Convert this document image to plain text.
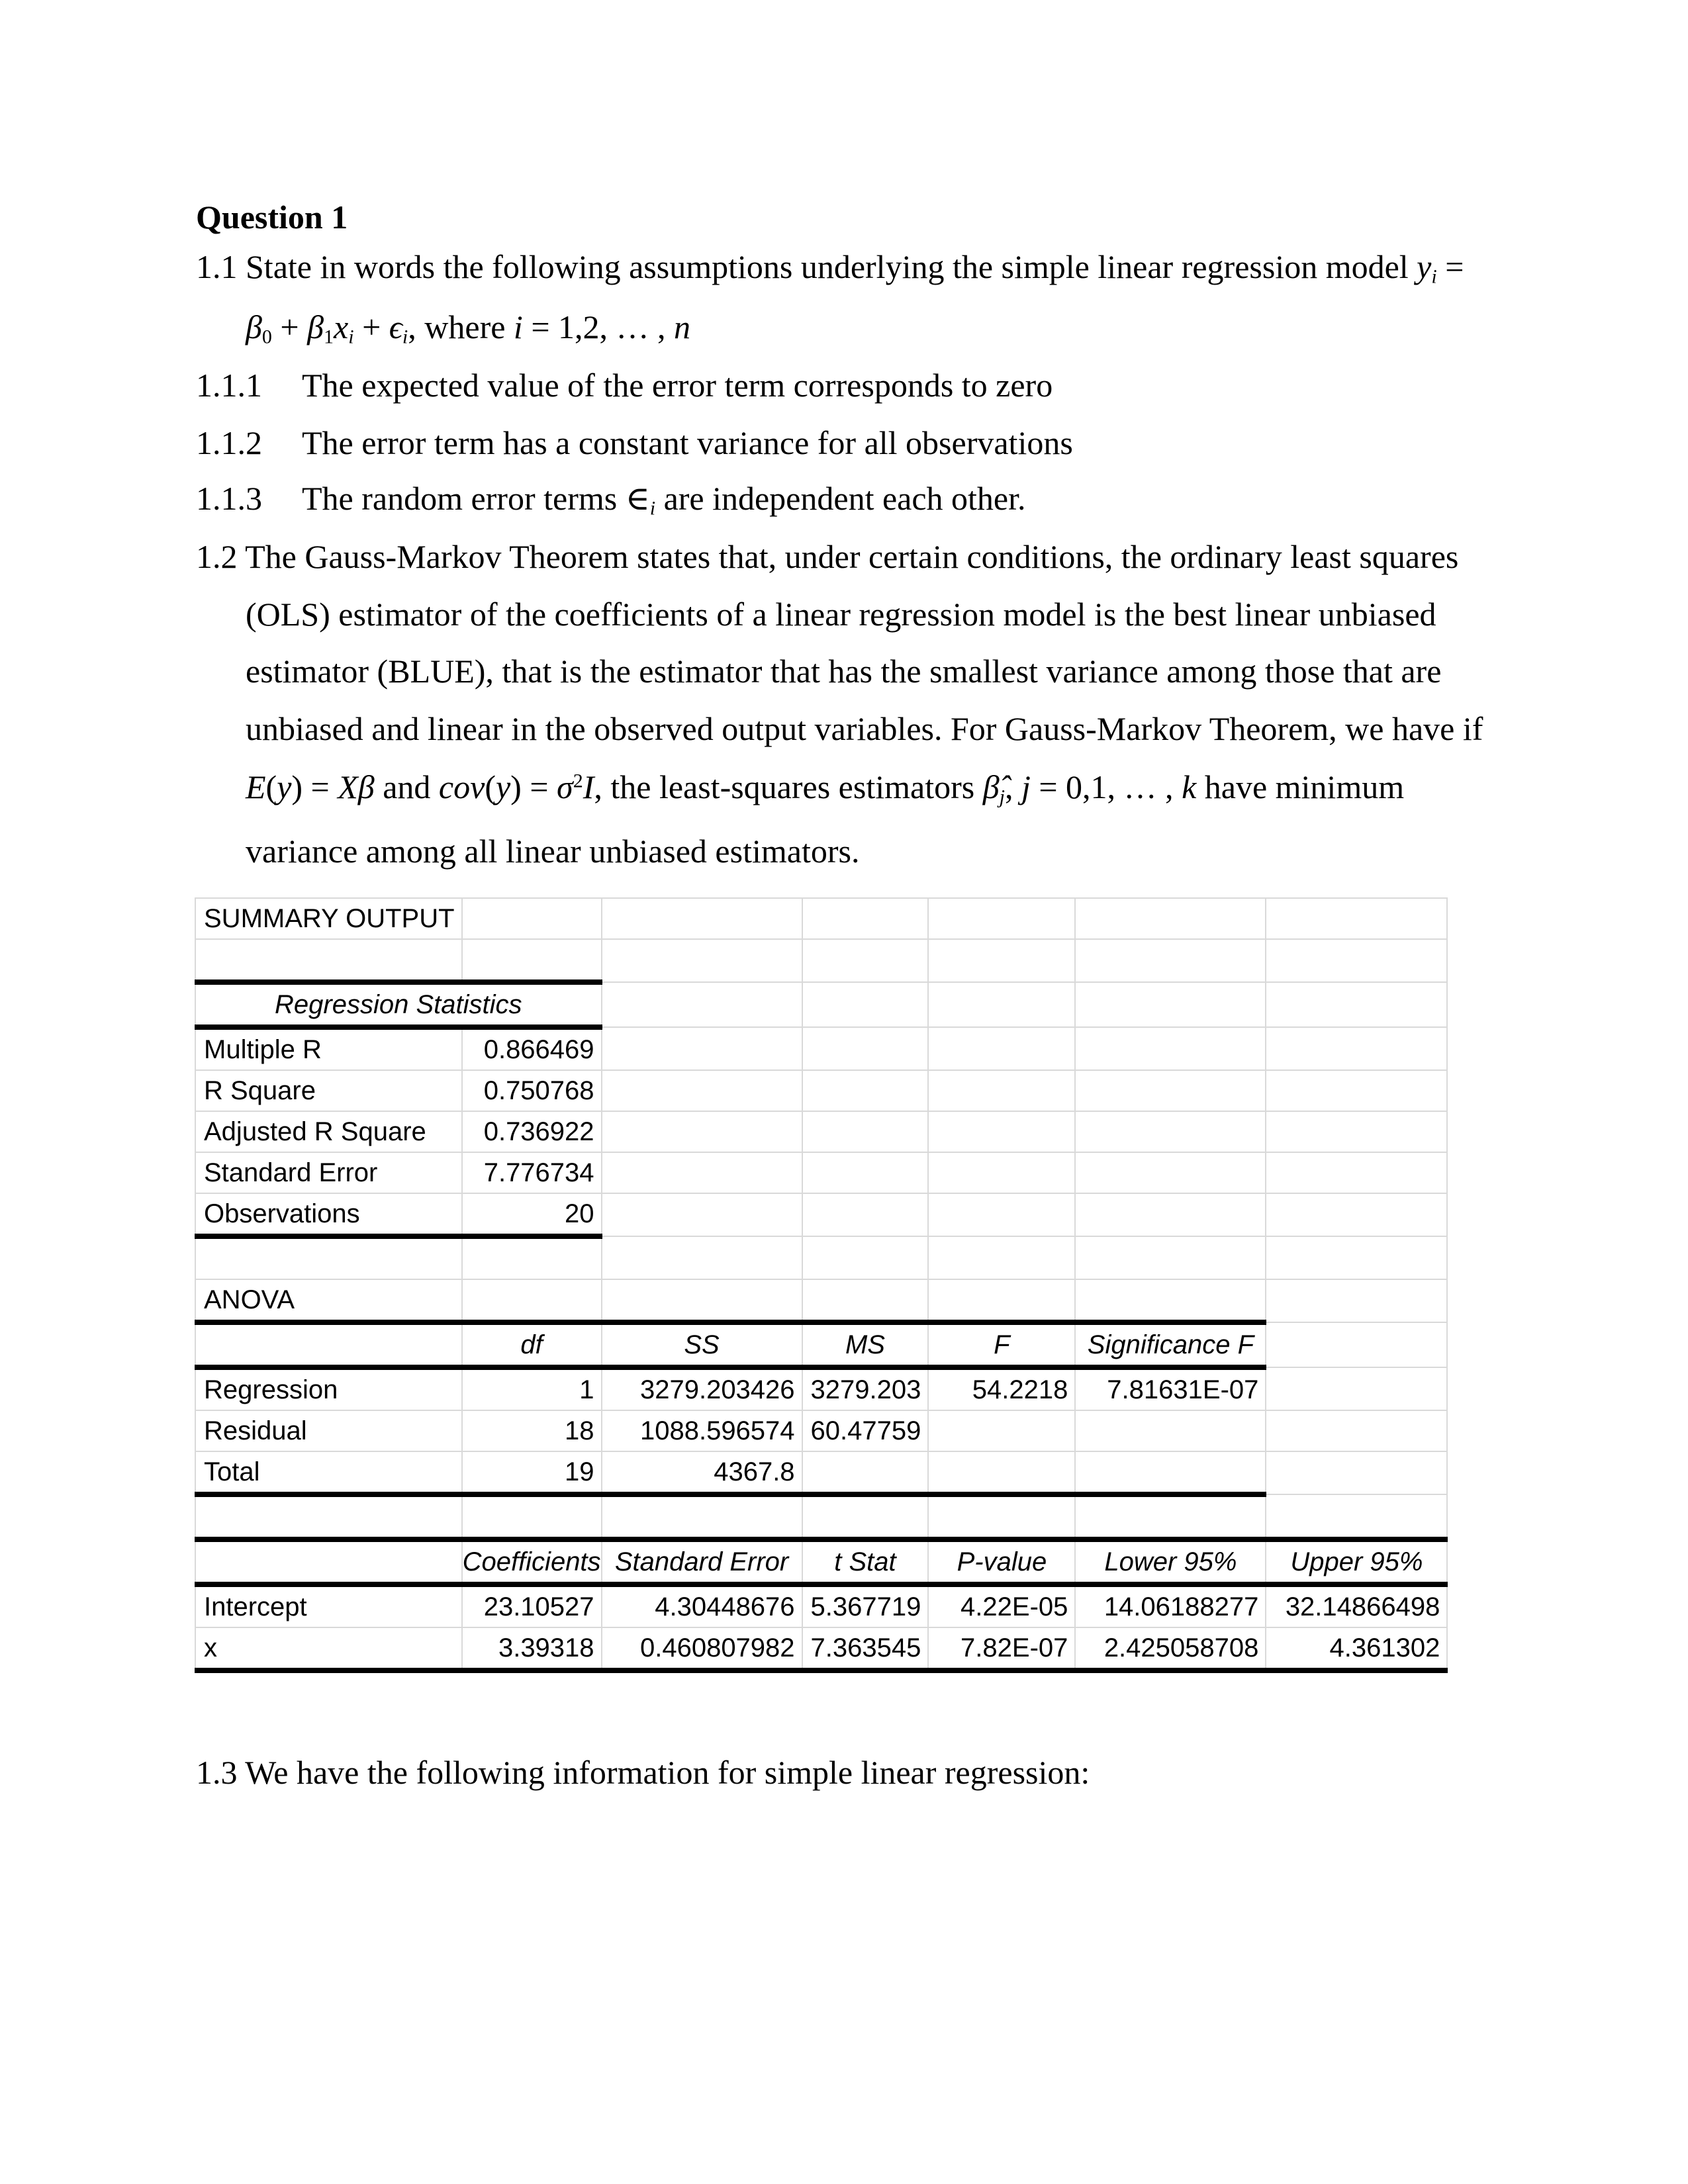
Question 1
1.1 State in words the following assumptions underlying the simple linear regression model $y_i$ =
$\beta_0 + \beta_1x_i + \epsilon_i$, where i = 1,2, … , n
1.1.1 The expected value of the error term corresponds to zero
1.1.2 The error term has a constant variance for all observations
1.1.3 The random error terms $\in_i$ are independent each other.
1.2 The Gauss-Markov Theorem states that, under certain conditions, the ordinary least squares
(OLS) estimator of the coefficients of a linear regression model is the best linear unbiased
estimator (BLUE), that is the estimator that has the smallest variance among those that are
unbiased and linear in the observed output variables. For Gauss-Markov Theorem, we have if
E(y) = Xβ and $cov(y) = \sigma^2I$, the least-squares estimators $\betâ_j$, j = 0,1, … , k have minimum
variance among all linear unbiased estimators.
SUMMARY OUTPUT						

Regression Statistics						
Multiple R	0.866469					
R Square	0.750768					
Adjusted R Square	0.736922					
Standard Error	7.776734					
Observations	20					

ANOVA						
	df	SS	MS	F	Significance F	
Regression	1	3279.203426	3279.203	54.2218	7.81631E-07	
Residual	18	1088.596574	60.47759			
Total	19	4367.8				

	Coefficients	Standard Error	t Stat	P-value	Lower 95%	Upper 95%
Intercept	23.10527	4.30448676	5.367719	4.22E-05	14.06188277	32.14866498
x	3.39318	0.460807982	7.363545	7.82E-07	2.425058708	4.361302
1.3 We have the following information for simple linear regression:
